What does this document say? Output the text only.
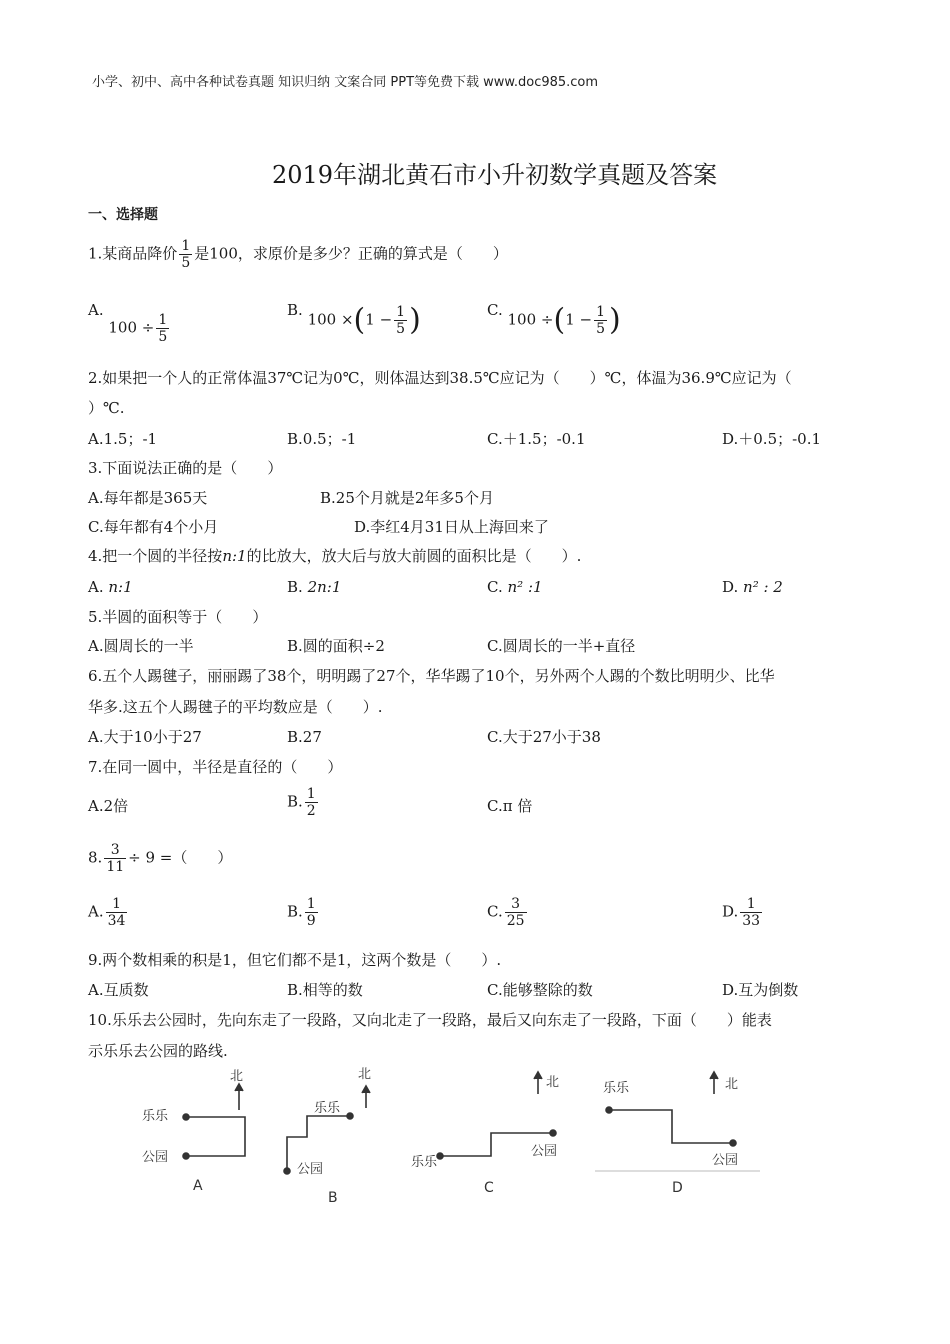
小学、初中、高中各种试卷真题 知识归纳 文案合同 PPT等免费下载 www.doc985.com
2019年湖北黄石市小升初数学真题及答案
一、选择题
1.某商品降价 $\frac{1}{5}$ 是100，求原价是多少？正确的算式是（　　）
A. $100 \div \frac{1}{5}$
B. $100 \times(1 - \frac{1}{5}$ )	C. $100 \div(1 - \frac{1}{5}$ )
2.如果把一个人的正常体温37℃记为0℃，则体温达到38.5℃应记为（　　）℃，体温为36.9℃应记为（
）℃.
A.1.5；-1	B.0.5；-1	C.＋1.5；-0.1	D.＋0.5；-0.1
3.下面说法正确的是（　　）
A.每年都是365天	B.25个月就是2年多5个月
C.每年都有4个小月	D.李红4月31日从上海回来了
4.把一个圆的半径按n:1的比放大，放大后与放大前圆的面积比是（　　）.
A. n:1	B. 2n:1	C. n² :1	D. n² : 2
5.半圆的面积等于（　　）
A.圆周长的一半	B.圆的面积÷2	C.圆周长的一半+直径
6.五个人踢毽子，丽丽踢了38个，明明踢了27个，华华踢了10个，另外两个人踢的个数比明明少、比华
华多.这五个人踢毽子的平均数应是（　　）.
A.大于10小于27	B.27	C.大于27小于38
7.在同一圆中，半径是直径的（　　）
A.2倍	B. $\frac{1}{2}$	C.π 倍
8. $\frac{3}{11} \div 9$ =（　　）
A. $\frac{1}{34}$	B. $\frac{1}{9}$	C. $\frac{3}{25}$	D. $\frac{1}{33}$
9.两个数相乘的积是1，但它们都不是1，这两个数是（　　）.
A.互质数	B.相等的数	C.能够整除的数	D.互为倒数
10.乐乐去公园时，先向东走了一段路，又向北走了一段路，最后又向东走了一段路，下面（　　）能表
示乐乐去公园的路线.
乐乐
公园
北
A
乐乐
北
公园
B
北
公园
乐乐
C
乐乐	北
公园
D
